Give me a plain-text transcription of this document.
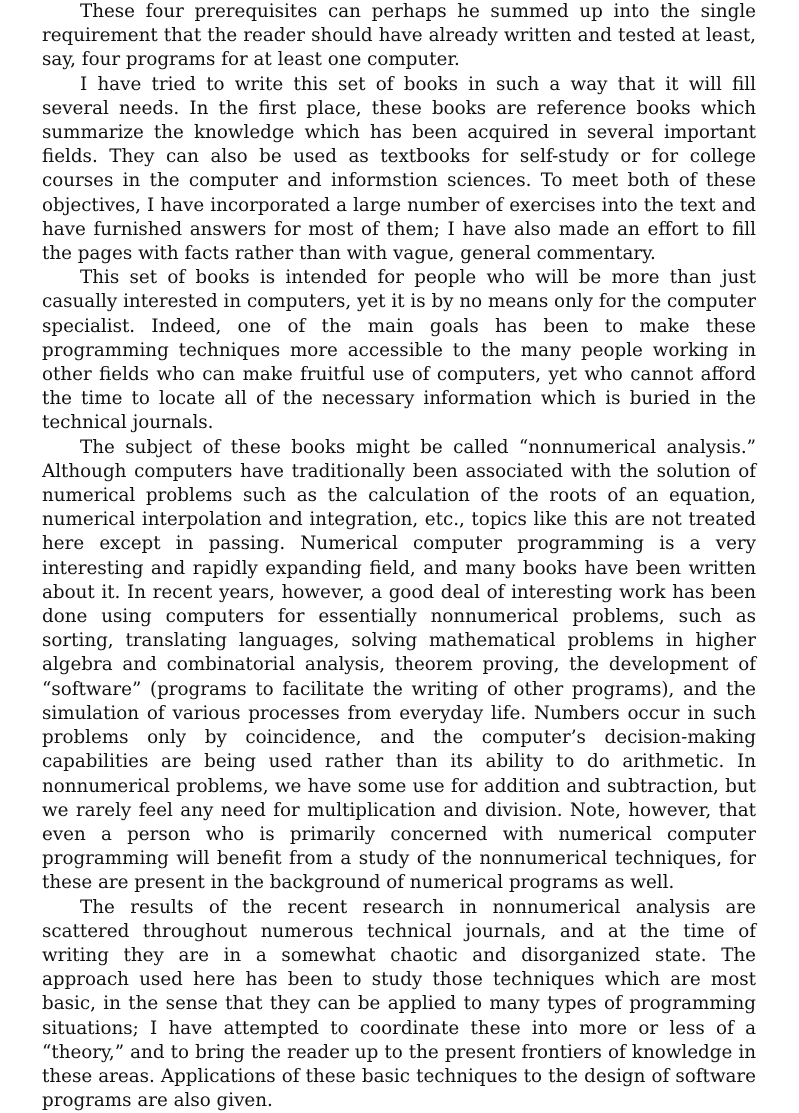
These four prerequisites can perhaps he summed up into the single requirement that the reader should have already written and tested at least, say, four programs for at least one computer.

I have tried to write this set of books in such a way that it will fill several needs. In the first place, these books are reference books which summarize the knowledge which has been acquired in several important fields. They can also be used as textbooks for self-study or for college courses in the computer and informstion sciences. To meet both of these objectives, I have incorporated a large number of exercises into the text and have furnished answers for most of them; I have also made an effort to fill the pages with facts rather than with vague, general commentary.

This set of books is intended for people who will be more than just casually interested in computers, yet it is by no means only for the computer specialist. Indeed, one of the main goals has been to make these programming techniques more accessible to the many people working in other fields who can make fruitful use of computers, yet who cannot afford the time to locate all of the necessary information which is buried in the technical journals.

The subject of these books might be called “nonnumerical analysis.” Although computers have traditionally been associated with the solution of numerical problems such as the calculation of the roots of an equation, numerical interpolation and integration, etc., topics like this are not treated here except in passing. Numerical computer programming is a very interesting and rapidly expanding field, and many books have been written about it. In recent years, however, a good deal of interesting work has been done using computers for essentially nonnumerical problems, such as sorting, translating languages, solving mathematical problems in higher algebra and combinatorial analysis, theorem proving, the development of “software” (programs to facilitate the writing of other programs), and the simulation of various processes from everyday life. Numbers occur in such problems only by coincidence, and the computer’s decision-making capabilities are being used rather than its ability to do arithmetic. In nonnumerical problems, we have some use for addition and subtraction, but we rarely feel any need for multiplication and division. Note, however, that even a person who is primarily concerned with numerical computer programming will benefit from a study of the nonnumerical techniques, for these are present in the background of numerical programs as well.

The results of the recent research in nonnumerical analysis are scattered throughout numerous technical journals, and at the time of writing they are in a somewhat chaotic and disorganized state. The approach used here has been to study those techniques which are most basic, in the sense that they can be applied to many types of programming situations; I have attempted to coordinate these into more or less of a “theory,” and to bring the reader up to the present frontiers of knowledge in these areas. Applications of these basic techniques to the design of software programs are also given.
